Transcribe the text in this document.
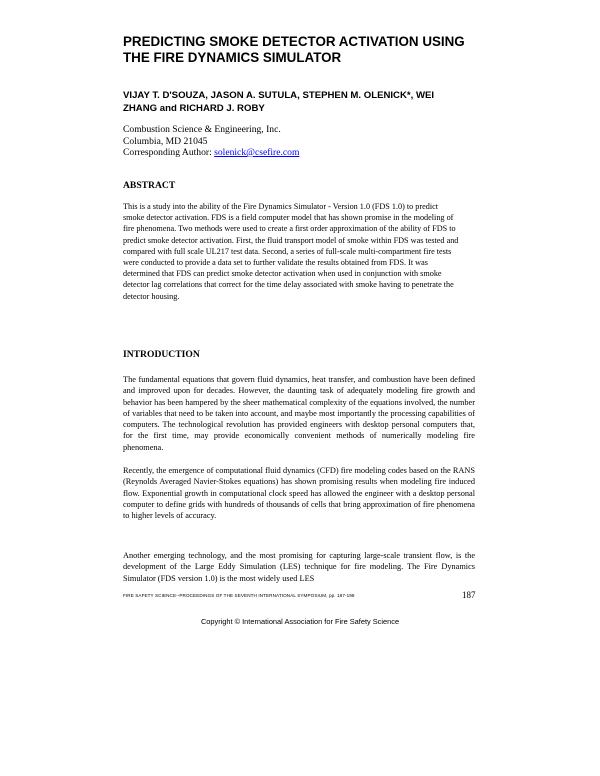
PREDICTING SMOKE DETECTOR ACTIVATION USING
THE FIRE DYNAMICS SIMULATOR
VIJAY T. D'SOUZA, JASON A. SUTULA, STEPHEN M. OLENICK*, WEI ZHANG and RICHARD J. ROBY
Combustion Science & Engineering, Inc.
Columbia, MD 21045
Corresponding Author: solenick@csefire.com
ABSTRACT

This is a study into the ability of the Fire Dynamics Simulator - Version 1.0 (FDS 1.0) to predict smoke detector activation. FDS is a field computer model that has shown promise in the modeling of fire phenomena. Two methods were used to create a first order approximation of the ability of FDS to predict smoke detector activation. First, the fluid transport model of smoke within FDS was tested and compared with full scale UL217 test data. Second, a series of full-scale multi-compartment fire tests were conducted to provide a data set to further validate the results obtained from FDS. It was determined that FDS can predict smoke detector activation when used in conjunction with smoke detector lag correlations that correct for the time delay associated with smoke having to penetrate the detector housing.

INTRODUCTION

The fundamental equations that govern fluid dynamics, heat transfer, and combustion have been defined and improved upon for decades. However, the daunting task of adequately modeling fire growth and behavior has been hampered by the sheer mathematical complexity of the equations involved, the number of variables that need to be taken into account, and maybe most importantly the processing capabilities of computers. The technological revolution has provided engineers with desktop personal computers that, for the first time, may provide economically convenient methods of numerically modeling fire phenomena.

Recently, the emergence of computational fluid dynamics (CFD) fire modeling codes based on the RANS (Reynolds Averaged Navier-Stokes equations) has shown promising results when modeling fire induced flow. Exponential growth in computational clock speed has allowed the engineer with a desktop personal computer to define grids with hundreds of thousands of cells that bring approximation of fire phenomena to higher levels of accuracy.

Another emerging technology, and the most promising for capturing large-scale transient flow, is the development of the Large Eddy Simulation (LES) technique for fire modeling. The Fire Dynamics Simulator (FDS version 1.0) is the most widely used LES

FIRE SAFETY SCIENCE--PROCEEDINGS OF THE SEVENTH INTERNATIONAL SYMPOSIUM, pp. 187-198	187
Copyright © International Association for Fire Safety Science
